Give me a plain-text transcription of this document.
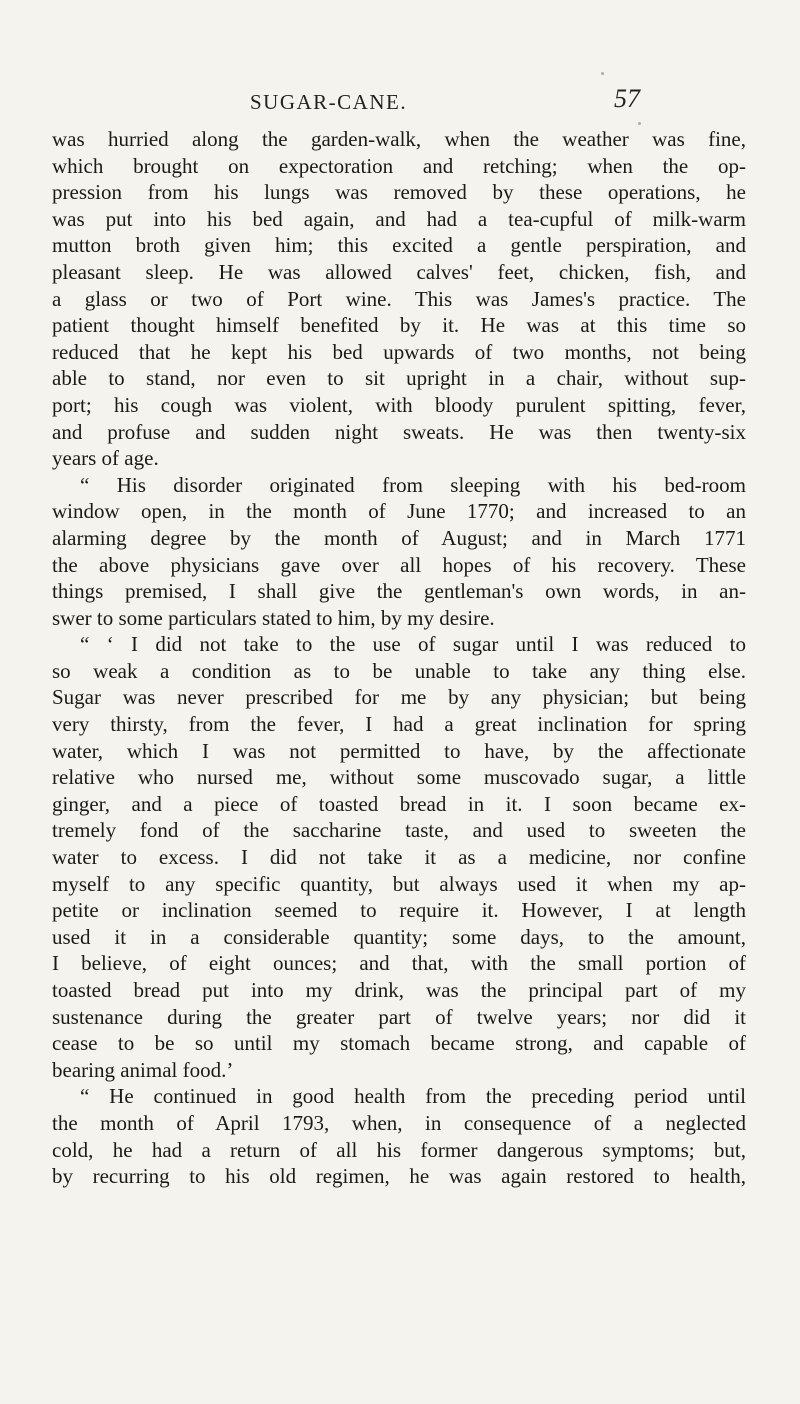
SUGAR-CANE.	57
was hurried along the garden-walk, when the weather was fine,
which brought on expectoration and retching; when the op-
pression from his lungs was removed by these operations, he
was put into his bed again, and had a tea-cupful of milk-warm
mutton broth given him; this excited a gentle perspiration, and
pleasant sleep. He was allowed calves' feet, chicken, fish, and
a glass or two of Port wine. This was James's practice. The
patient thought himself benefited by it. He was at this time so
reduced that he kept his bed upwards of two months, not being
able to stand, nor even to sit upright in a chair, without sup-
port; his cough was violent, with bloody purulent spitting, fever,
and profuse and sudden night sweats. He was then twenty-six
years of age.
“ His disorder originated from sleeping with his bed-room
window open, in the month of June 1770; and increased to an
alarming degree by the month of August; and in March 1771
the above physicians gave over all hopes of his recovery. These
things premised, I shall give the gentleman's own words, in an-
swer to some particulars stated to him, by my desire.
“ ‘ I did not take to the use of sugar until I was reduced to
so weak a condition as to be unable to take any thing else.
Sugar was never prescribed for me by any physician; but being
very thirsty, from the fever, I had a great inclination for spring
water, which I was not permitted to have, by the affectionate
relative who nursed me, without some muscovado sugar, a little
ginger, and a piece of toasted bread in it. I soon became ex-
tremely fond of the saccharine taste, and used to sweeten the
water to excess. I did not take it as a medicine, nor confine
myself to any specific quantity, but always used it when my ap-
petite or inclination seemed to require it. However, I at length
used it in a considerable quantity; some days, to the amount,
I believe, of eight ounces; and that, with the small portion of
toasted bread put into my drink, was the principal part of my
sustenance during the greater part of twelve years; nor did it
cease to be so until my stomach became strong, and capable of
bearing animal food.’
“ He continued in good health from the preceding period until
the month of April 1793, when, in consequence of a neglected
cold, he had a return of all his former dangerous symptoms; but,
by recurring to his old regimen, he was again restored to health,
